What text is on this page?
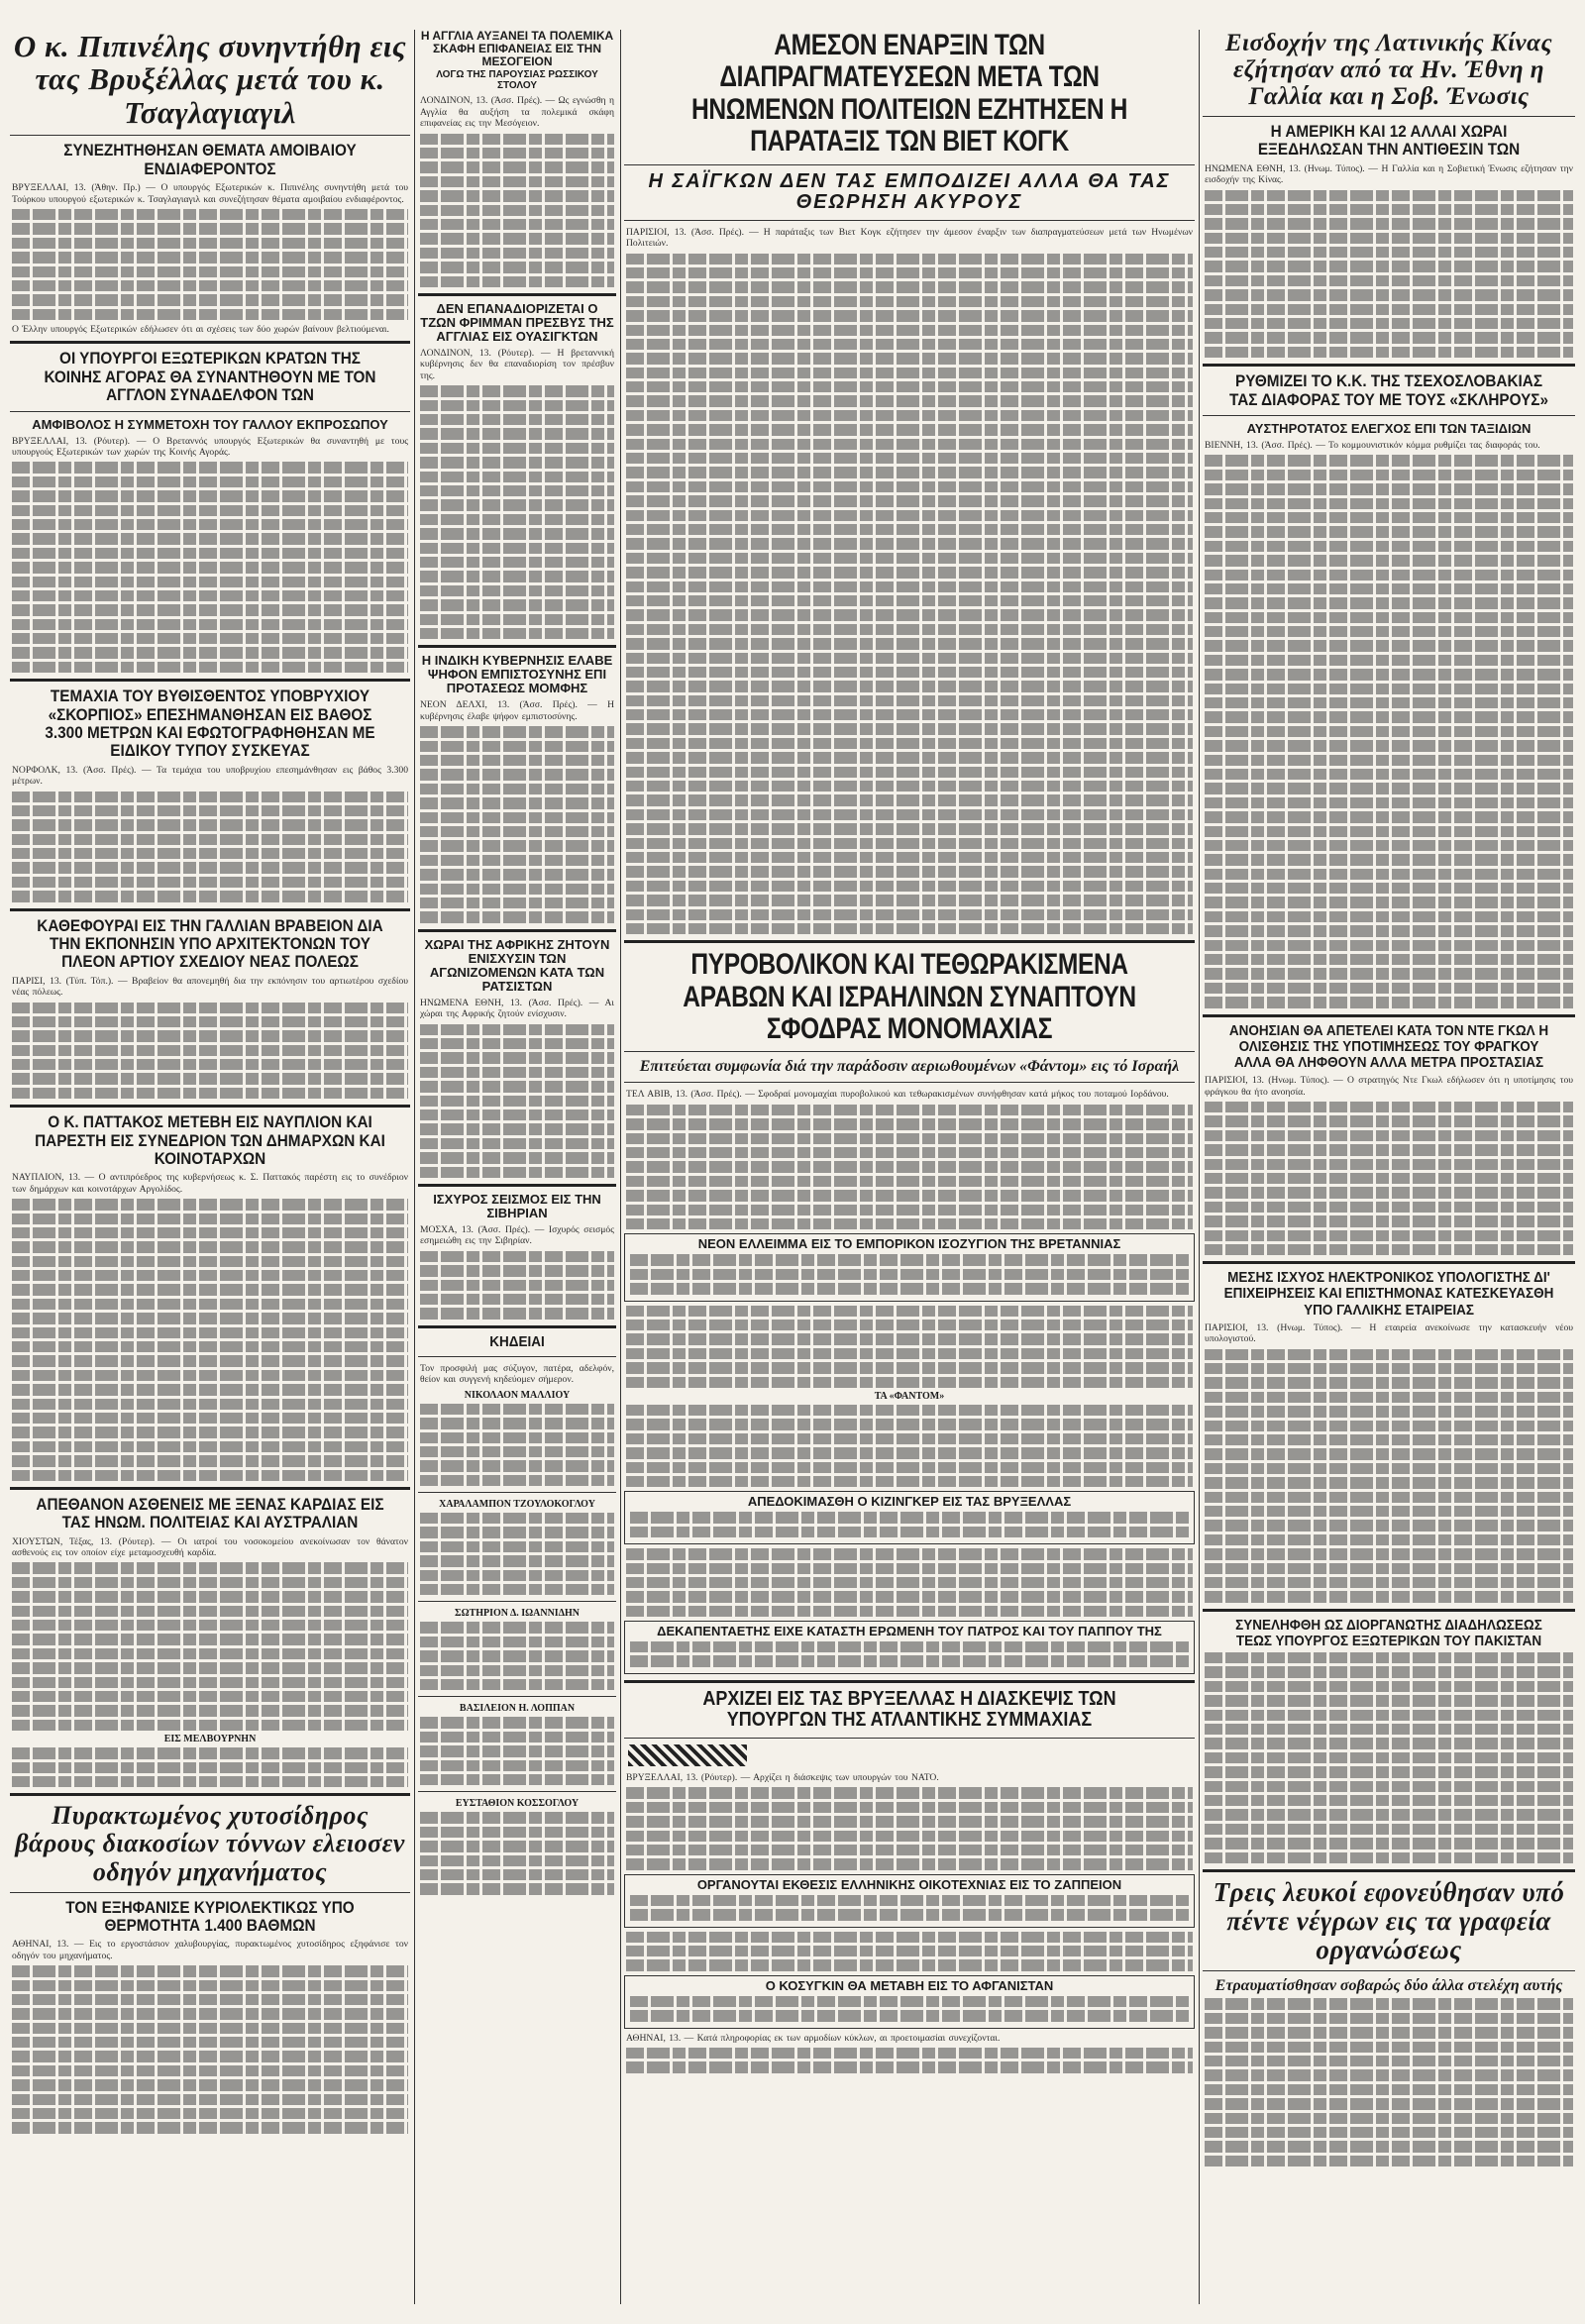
Ο κ. Πιπινέλης συνηντήθη εις τας Βρυξέλλας μετά του κ. Τσαγλαγιαγιλ
ΣΥΝΕΖΗΤΗΘΗΣΑΝ ΘΕΜΑΤΑ ΑΜΟΙΒΑΙΟΥ ΕΝΔΙΑΦΕΡΟΝΤΟΣ

ΒΡΥΞΕΛΛΑΙ, 13. (Άθην. Πρ.) — Ο υπουργός Εξωτερικών κ. Πιπινέλης συνηντήθη μετά του Τούρκου υπουργού εξωτερικών κ. Τσαγλαγιαγιλ και συνεζήτησαν θέματα αμοιβαίου ενδιαφέροντος.

Ο Έλλην υπουργός Εξωτερικών εδήλωσεν ότι αι σχέσεις των δύο χωρών βαίνουν βελτιούμεναι.

ΟΙ ΥΠΟΥΡΓΟΙ ΕΞΩΤΕΡΙΚΩΝ ΚΡΑΤΩΝ ΤΗΣ ΚΟΙΝΗΣ ΑΓΟΡΑΣ ΘΑ ΣΥΝΑΝΤΗΘΟΥΝ ΜΕ ΤΟΝ ΑΓΓΛΟΝ ΣΥΝΑΔΕΛΦΟΝ ΤΩΝ
ΑΜΦΙΒΟΛΟΣ Η ΣΥΜΜΕΤΟΧΗ ΤΟΥ ΓΑΛΛΟΥ ΕΚΠΡΟΣΩΠΟΥ

ΒΡΥΞΕΛΛΑΙ, 13. (Ρόυτερ). — Ο Βρεταννός υπουργός Εξωτερικών θα συναντηθή με τους υπουργούς Εξωτερικών των χωρών της Κοινής Αγοράς.

ΤΕΜΑΧΙΑ ΤΟΥ ΒΥΘΙΣΘΕΝΤΟΣ ΥΠΟΒΡΥΧΙΟΥ «ΣΚΟΡΠΙΟΣ» ΕΠΕΣΗΜΑΝΘΗΣΑΝ ΕΙΣ ΒΑΘΟΣ 3.300 ΜΕΤΡΩΝ ΚΑΙ ΕΦΩΤΟΓΡΑΦΗΘΗΣΑΝ ΜΕ ΕΙΔΙΚΟΥ ΤΥΠΟΥ ΣΥΣΚΕΥΑΣ

ΝΟΡΦΟΛΚ, 13. (Άσσ. Πρές). — Τα τεμάχια του υποβρυχίου επεσημάνθησαν εις βάθος 3.300 μέτρων.

ΚΑΘΕΦΟΥΡΑΙ ΕΙΣ ΤΗΝ ΓΑΛΛΙΑΝ ΒΡΑΒΕΙΟΝ ΔΙΑ ΤΗΝ ΕΚΠΟΝΗΣΙΝ ΥΠΟ ΑΡΧΙΤΕΚΤΟΝΩΝ ΤΟΥ ΠΛΕΟΝ ΑΡΤΙΟΥ ΣΧΕΔΙΟΥ ΝΕΑΣ ΠΟΛΕΩΣ

ΠΑΡΙΣΙ, 13. (Τύπ. Τόπ.). — Βραβείον θα απονεμηθή δια την εκπόνησιν του αρτιωτέρου σχεδίου νέας πόλεως.

Ο Κ. ΠΑΤΤΑΚΟΣ ΜΕΤΕΒΗ ΕΙΣ ΝΑΥΠΛΙΟΝ ΚΑΙ ΠΑΡΕΣΤΗ ΕΙΣ ΣΥΝΕΔΡΙΟΝ ΤΩΝ ΔΗΜΑΡΧΩΝ ΚΑΙ ΚΟΙΝΟΤΑΡΧΩΝ

ΝΑΥΠΛΙΟΝ, 13. — Ο αντιπρόεδρος της κυβερνήσεως κ. Σ. Παττακός παρέστη εις το συνέδριον των δημάρχων και κοινοτάρχων Αργολίδος.

ΑΠΕΘΑΝΟΝ ΑΣΘΕΝΕΙΣ ΜΕ ΞΕΝΑΣ ΚΑΡΔΙΑΣ ΕΙΣ ΤΑΣ ΗΝΩΜ. ΠΟΛΙΤΕΙΑΣ ΚΑΙ ΑΥΣΤΡΑΛΙΑΝ

ΧΙΟΥΣΤΩΝ, Τέξας, 13. (Ρόυτερ). — Οι ιατροί του νοσοκομείου ανεκοίνωσαν τον θάνατον ασθενούς εις τον οποίον είχε μεταμοσχευθή καρδία.

ΕΙΣ ΜΕΛΒΟΥΡΝΗΝ
Πυρακτωμένος χυτοσίδηρος βάρους διακοσίων τόννων ελειοσεν οδηγόν μηχανήματος
ΤΟΝ ΕΞΗΦΑΝΙΣΕ ΚΥΡΙΟΛΕΚΤΙΚΩΣ ΥΠΟ ΘΕΡΜΟΤΗΤΑ 1.400 ΒΑΘΜΩΝ

ΑΘΗΝΑΙ, 13. — Εις το εργοστάσιον χαλυβουργίας, πυρακτωμένος χυτοσίδηρος εξηφάνισε τον οδηγόν του μηχανήματος.

Η ΑΓΓΛΙΑ ΑΥΞΑΝΕΙ ΤΑ ΠΟΛΕΜΙΚΑ ΣΚΑΦΗ ΕΠΙΦΑΝΕΙΑΣ ΕΙΣ ΤΗΝ ΜΕΣΟΓΕΙΟΝ
ΛΟΓΩ ΤΗΣ ΠΑΡΟΥΣΙΑΣ ΡΩΣΣΙΚΟΥ ΣΤΟΛΟΥ

ΛΟΝΔΙΝΟΝ, 13. (Άσσ. Πρές). — Ως εγνώσθη η Αγγλία θα αυξήση τα πολεμικά σκάφη επιφανείας εις την Μεσόγειον.

ΔΕΝ ΕΠΑΝΑΔΙΟΡΙΖΕΤΑΙ Ο ΤΖΩΝ ΦΡΙΜΜΑΝ ΠΡΕΣΒΥΣ ΤΗΣ ΑΓΓΛΙΑΣ ΕΙΣ ΟΥΑΣΙΓΚΤΩΝ

ΛΟΝΔΙΝΟΝ, 13. (Ρόυτερ). — Η βρεταννική κυβέρνησις δεν θα επαναδιορίση τον πρέσβυν της.

Η ΙΝΔΙΚΗ ΚΥΒΕΡΝΗΣΙΣ ΕΛΑΒΕ ΨΗΦΟΝ ΕΜΠΙΣΤΟΣΥΝΗΣ ΕΠΙ ΠΡΟΤΑΣΕΩΣ ΜΟΜΦΗΣ

ΝΕΟΝ ΔΕΛΧΙ, 13. (Άσσ. Πρές). — Η κυβέρνησις έλαβε ψήφον εμπιστοσύνης.

ΧΩΡΑΙ ΤΗΣ ΑΦΡΙΚΗΣ ΖΗΤΟΥΝ ΕΝΙΣΧΥΣΙΝ ΤΩΝ ΑΓΩΝΙΖΟΜΕΝΩΝ ΚΑΤΑ ΤΩΝ ΡΑΤΣΙΣΤΩΝ

ΗΝΩΜΕΝΑ ΕΘΝΗ, 13. (Άσσ. Πρές). — Αι χώραι της Αφρικής ζητούν ενίσχυσιν.

ΙΣΧΥΡΟΣ ΣΕΙΣΜΟΣ ΕΙΣ ΤΗΝ ΣΙΒΗΡΙΑΝ

ΜΟΣΧΑ, 13. (Άσσ. Πρές). — Ισχυρός σεισμός εσημειώθη εις την Σιβηρίαν.

ΚΗΔΕΙΑΙ

Τον προσφιλή μας σύζυγον, πατέρα, αδελφόν, θείον και συγγενή κηδεύομεν σήμερον.

ΝΙΚΟΛΑΟΝ ΜΑΛΛΙΟΥ
ΧΑΡΑΛΑΜΠΟΝ ΤΖΟΥΛΟΚΟΓΛΟΥ
ΣΩΤΗΡΙΟΝ Δ. ΙΩΑΝΝΙΔΗΝ
ΒΑΣΙΛΕΙΟΝ Η. ΛΟΠΠΑΝ
ΕΥΣΤΑΘΙΟΝ ΚΟΣΣΟΓΛΟΥ
ΑΜΕΣΟΝ ΕΝΑΡΞΙΝ ΤΩΝ ΔΙΑΠΡΑΓΜΑΤΕΥΣΕΩΝ ΜΕΤΑ ΤΩΝ ΗΝΩΜΕΝΩΝ ΠΟΛΙΤΕΙΩΝ ΕΖΗΤΗΣΕΝ Η ΠΑΡΑΤΑΞΙΣ ΤΩΝ ΒΙΕΤ ΚΟΓΚ
Η ΣΑΪΓΚΩΝ ΔΕΝ ΤΑΣ ΕΜΠΟΔΙΖΕΙ ΑΛΛΑ ΘΑ ΤΑΣ ΘΕΩΡΗΣΗ ΑΚΥΡΟΥΣ

ΠΑΡΙΣΙΟΙ, 13. (Άσσ. Πρές). — Η παράταξις των Βιετ Κογκ εζήτησεν την άμεσον έναρξιν των διαπραγματεύσεων μετά των Ηνωμένων Πολιτειών.

ΠΥΡΟΒΟΛΙΚΟΝ ΚΑΙ ΤΕΘΩΡΑΚΙΣΜΕΝΑ ΑΡΑΒΩΝ ΚΑΙ ΙΣΡΑΗΛΙΝΩΝ ΣΥΝΑΠΤΟΥΝ ΣΦΟΔΡΑΣ ΜΟΝΟΜΑΧΙΑΣ
Επιτεύεται συμφωνία διά την παράδοσιν αεριωθουμένων «Φάντομ» εις τό Ισραήλ

ΤΕΛ ΑΒΙΒ, 13. (Άσσ. Πρές). — Σφοδραί μονομαχίαι πυροβολικού και τεθωρακισμένων συνήφθησαν κατά μήκος του ποταμού Ιορδάνου.

ΝΕΟΝ ΕΛΛΕΙΜΜΑ ΕΙΣ ΤΟ ΕΜΠΟΡΙΚΟΝ ΙΣΟΖΥΓΙΟΝ ΤΗΣ ΒΡΕΤΑΝΝΙΑΣ
ΤΑ «ΦΑΝΤΟΜ»
ΑΠΕΔΟΚΙΜΑΣΘΗ Ο ΚΙΖΙΝΓΚΕΡ ΕΙΣ ΤΑΣ ΒΡΥΞΕΛΛΑΣ
ΔΕΚΑΠΕΝΤΑΕΤΗΣ ΕΙΧΕ ΚΑΤΑΣΤΗ ΕΡΩΜΕΝΗ ΤΟΥ ΠΑΤΡΟΣ ΚΑΙ ΤΟΥ ΠΑΠΠΟΥ ΤΗΣ
ΑΡΧΙΖΕΙ ΕΙΣ ΤΑΣ ΒΡΥΞΕΛΛΑΣ Η ΔΙΑΣΚΕΨΙΣ ΤΩΝ ΥΠΟΥΡΓΩΝ ΤΗΣ ΑΤΛΑΝΤΙΚΗΣ ΣΥΜΜΑΧΙΑΣ

ΒΡΥΞΕΛΛΑΙ, 13. (Ρόυτερ). — Αρχίζει η διάσκεψις των υπουργών του ΝΑΤΟ.

ΟΡΓΑΝΟΥΤΑΙ ΕΚΘΕΣΙΣ ΕΛΛΗΝΙΚΗΣ ΟΙΚΟΤΕΧΝΙΑΣ ΕΙΣ ΤΟ ΖΑΠΠΕΙΟΝ
Ο ΚΟΣΥΓΚΙΝ ΘΑ ΜΕΤΑΒΗ ΕΙΣ ΤΟ ΑΦΓΑΝΙΣΤΑΝ

ΑΘΗΝΑΙ, 13. — Κατά πληροφορίας εκ των αρμοδίων κύκλων, αι προετοιμασίαι συνεχίζονται.

Εισδοχήν της Λατινικής Κίνας εζήτησαν από τα Ην. Έθνη η Γαλλία και η Σοβ. Ένωσις
Η ΑΜΕΡΙΚΗ ΚΑΙ 12 ΑΛΛΑΙ ΧΩΡΑΙ ΕΞΕΔΗΛΩΣΑΝ ΤΗΝ ΑΝΤΙΘΕΣΙΝ ΤΩΝ

ΗΝΩΜΕΝΑ ΕΘΝΗ, 13. (Ηνωμ. Τύπος). — Η Γαλλία και η Σοβιετική Ένωσις εζήτησαν την εισδοχήν της Κίνας.

ΡΥΘΜΙΖΕΙ ΤΟ Κ.Κ. ΤΗΣ ΤΣΕΧΟΣΛΟΒΑΚΙΑΣ ΤΑΣ ΔΙΑΦΟΡΑΣ ΤΟΥ ΜΕ ΤΟΥΣ «ΣΚΛΗΡΟΥΣ»
ΑΥΣΤΗΡΟΤΑΤΟΣ ΕΛΕΓΧΟΣ ΕΠΙ ΤΩΝ ΤΑΞΙΔΙΩΝ

ΒΙΕΝΝΗ, 13. (Άσσ. Πρές). — Το κομμουνιστικόν κόμμα ρυθμίζει τας διαφοράς του.

ΑΝΟΗΣΙΑΝ ΘΑ ΑΠΕΤΕΛΕΙ ΚΑΤΑ ΤΟΝ ΝΤΕ ΓΚΩΛ Η ΟΛΙΣΘΗΣΙΣ ΤΗΣ ΥΠΟΤΙΜΗΣΕΩΣ ΤΟΥ ΦΡΑΓΚΟΥ ΑΛΛΑ ΘΑ ΛΗΦΘΟΥΝ ΑΛΛΑ ΜΕΤΡΑ ΠΡΟΣΤΑΣΙΑΣ

ΠΑΡΙΣΙΟΙ, 13. (Ηνωμ. Τύπος). — Ο στρατηγός Ντε Γκωλ εδήλωσεν ότι η υποτίμησις του φράγκου θα ήτο ανοησία.

ΜΕΣΗΣ ΙΣΧΥΟΣ ΗΛΕΚΤΡΟΝΙΚΟΣ ΥΠΟΛΟΓΙΣΤΗΣ ΔΙ' ΕΠΙΧΕΙΡΗΣΕΙΣ ΚΑΙ ΕΠΙΣΤΗΜΟΝΑΣ ΚΑΤΕΣΚΕΥΑΣΘΗ ΥΠΟ ΓΑΛΛΙΚΗΣ ΕΤΑΙΡΕΙΑΣ

ΠΑΡΙΣΙΟΙ, 13. (Ηνωμ. Τύπος). — Η εταιρεία ανεκοίνωσε την κατασκευήν νέου υπολογιστού.

ΣΥΝΕΛΗΦΘΗ ΩΣ ΔΙΟΡΓΑΝΩΤΗΣ ΔΙΑΔΗΛΩΣΕΩΣ ΤΕΩΣ ΥΠΟΥΡΓΟΣ ΕΞΩΤΕΡΙΚΩΝ ΤΟΥ ΠΑΚΙΣΤΑΝ
Τρεις λευκοί εφονεύθησαν υπό πέντε νέγρων εις τα γραφεία οργανώσεως
Ετραυματίσθησαν σοβαρώς δύο άλλα στελέχη αυτής
